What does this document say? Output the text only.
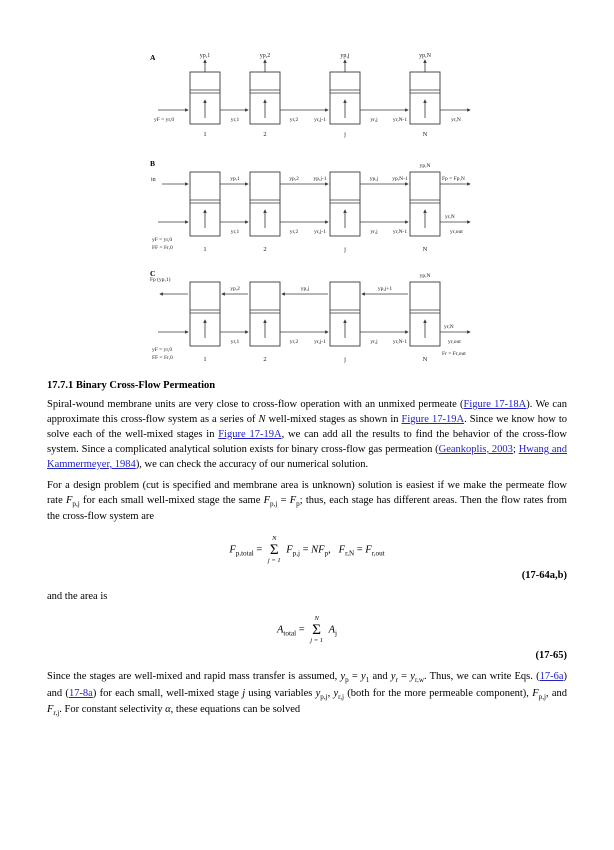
A	yp,1	yp,2	yp,j	yp,N
yF = yr,0	yr,1	yr,2	yr,j-1	yr,j	yr,N-1	yr,N
1	2	j	N
B
in	yp,1	yp,2	yp,j-1	yp,j	yp,N-1
yp,N
Fp = Fp,N
yr,1	yr,2	yr,j-1	yr,j	yr,N-1
yr,N
yr,out
yF = yr,0
FF = Fr,0	1	2	j	N
C
Fp (yp,1)
yp,2	yp,j	yp,j+1
yp,N
yr,1	yr,2	yr,j-1	yr,j	yr,N-1
yr,N
yr,out
Fr = Fr,out
yF = yr,0
FF = Fr,0	1	2	j	N
17.7.1 Binary Cross-Flow Permeation

Spiral-wound membrane units are very close to cross-flow operation with an unmixed permeate (Figure 17-18A). We can approximate this cross-flow system as a series of N well-mixed stages as shown in Figure 17-19A. Since we know how to solve each of the well-mixed stages in Figure 17-19A, we can add all the results to find the behavior of the cross-flow system. Since a complicated analytical solution exists for binary cross-flow gas permeation (Geankoplis, 2003; Hwang and Kammermeyer, 1984), we can check the accuracy of our numerical solution.

For a design problem (cut is specified and membrane area is unknown) solution is easiest if we make the permeate flow rate $F_{p,j}$ for each small well-mixed stage the same $F_{p,j} = F_p$; thus, each stage has different areas. Then the flow rates from the cross-flow system are

$F_{p,total}$ =
N
Σ
j = 1
$F_{p,j} = NF_p$,   $F_{r,N} = F_{r,out}$
(17-64a,b)

and the area is

$A_{total}$ =
N
Σ
j = 1
$A_j$
(17-65)

Since the stages are well-mixed and rapid mass transfer is assumed, $y_p = y_1$ and $y_r = y_{r,w}$. Thus, we can write Eqs. (17-6a) and (17-8a) for each small, well-mixed stage j using variables $y_{p,j}$, $y_{r,j}$ (both for the more permeable component), $F_{p,j}$, and $F_{r,j}$. For constant selectivity α, these equations can be solved
